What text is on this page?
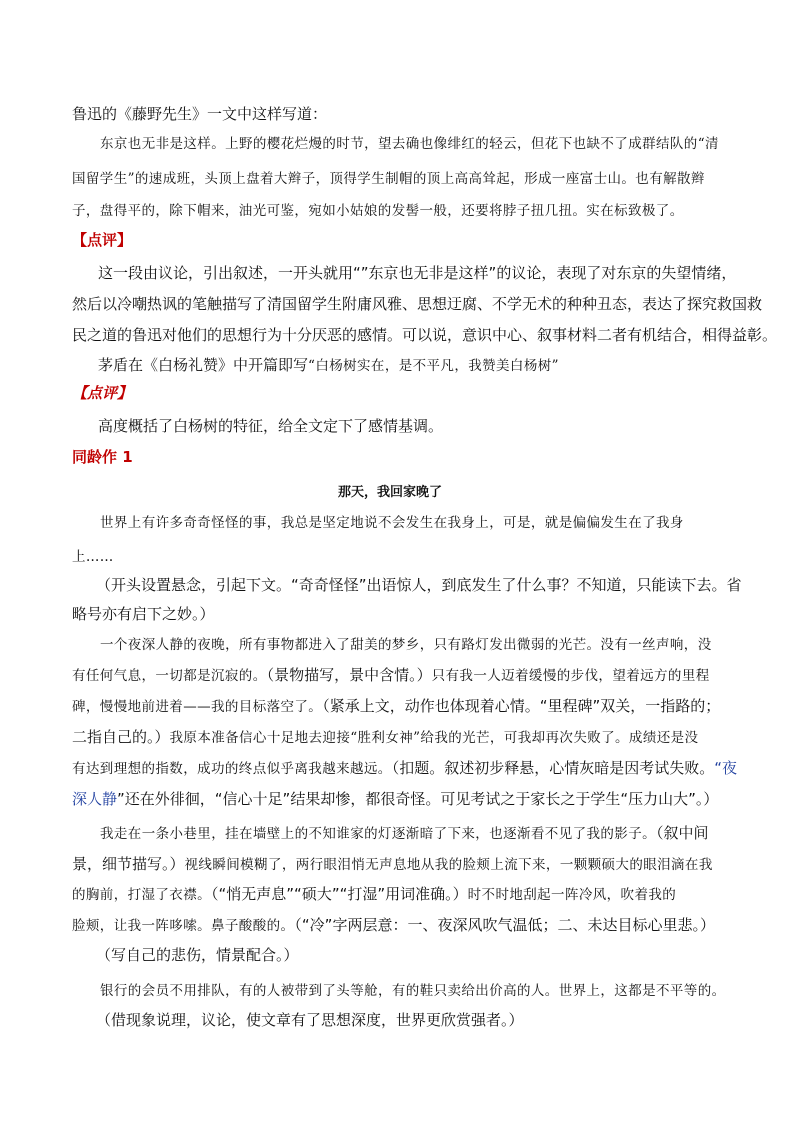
鲁迅的《藤野先生》一文中这样写道：
东京也无非是这样。上野的樱花烂熳的时节，望去确也像绯红的轻云，但花下也缺不了成群结队的“清
国留学生”的速成班，头顶上盘着大辫子，顶得学生制帽的顶上高高耸起，形成一座富士山。也有解散辫
子，盘得平的，除下帽来，油光可鉴，宛如小姑娘的发髻一般，还要将脖子扭几扭。实在标致极了。
【点评】
这一段由议论，引出叙述，一开头就用“”东京也无非是这样”的议论，表现了对东京的失望情绪，
然后以冷嘲热讽的笔触描写了清国留学生附庸风雅、思想迂腐、不学无术的种种丑态，表达了探究救国救
民之道的鲁迅对他们的思想行为十分厌恶的感情。可以说，意识中心、叙事材料二者有机结合，相得益彰。
茅盾在《白杨礼赞》中开篇即写“白杨树实在，是不平凡，我赞美白杨树”
【点评】
高度概括了白杨树的特征，给全文定下了感情基调。
同龄作 1
那天，我回家晚了
世界上有许多奇奇怪怪的事，我总是坚定地说不会发生在我身上，可是，就是偏偏发生在了我身
上……
（开头设置悬念，引起下文。“奇奇怪怪”出语惊人，到底发生了什么事？不知道，只能读下去。省
略号亦有启下之妙。）
一个夜深人静的夜晚，所有事物都进入了甜美的梦乡，只有路灯发出微弱的光芒。没有一丝声响，没
有任何气息，一切都是沉寂的。（景物描写，景中含情。）只有我一人迈着缓慢的步伐，望着远方的里程
碑，慢慢地前进着——我的目标落空了。（紧承上文，动作也体现着心情。“里程碑”双关，一指路的；
二指自己的。）我原本准备信心十足地去迎接“胜利女神”给我的光芒，可我却再次失败了。成绩还是没
有达到理想的指数，成功的终点似乎离我越来越远。（扣题。叙述初步释悬，心情灰暗是因考试失败。“夜
深人静”还在外徘徊，“信心十足”结果却惨，都很奇怪。可见考试之于家长之于学生“压力山大”。）
我走在一条小巷里，挂在墙壁上的不知谁家的灯逐渐暗了下来，也逐渐看不见了我的影子。（叙中间
景，细节描写。）视线瞬间模糊了，两行眼泪悄无声息地从我的脸颊上流下来，一颗颗硕大的眼泪滴在我
的胸前，打湿了衣襟。（“悄无声息”“硕大”“打湿”用词准确。）时不时地刮起一阵冷风，吹着我的
脸颊，让我一阵哆嗦。鼻子酸酸的。（“冷”字两层意：一、夜深风吹气温低；二、未达目标心里悲。）
（写自己的悲伤，情景配合。）
银行的会员不用排队，有的人被带到了头等舱，有的鞋只卖给出价高的人。世界上，这都是不平等的。
（借现象说理，议论，使文章有了思想深度，世界更欣赏强者。）
